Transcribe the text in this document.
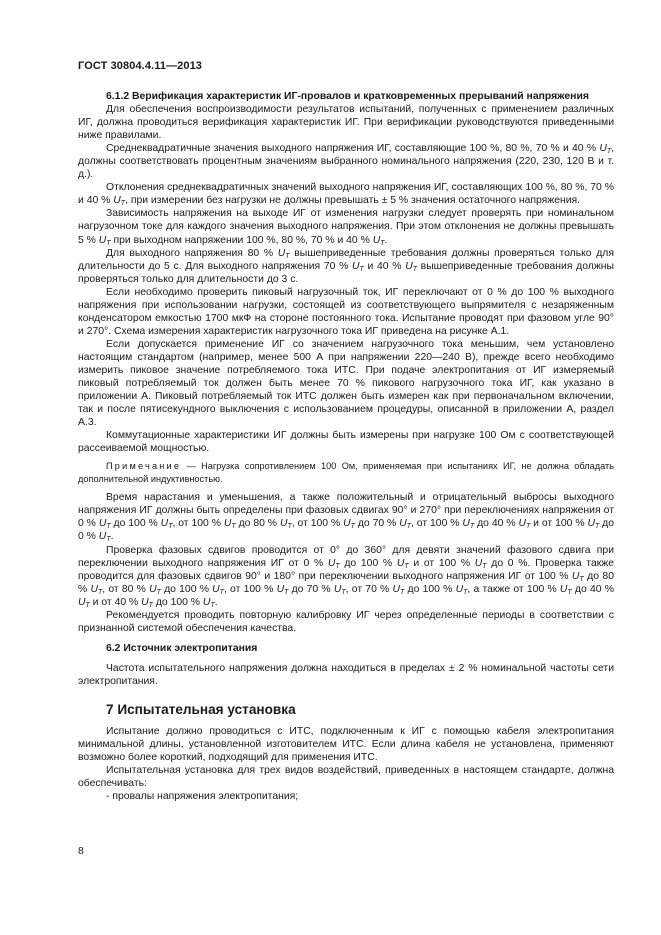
ГОСТ 30804.4.11—2013

6.1.2 Верификация характеристик ИГ-провалов и кратковременных прерываний напряжения

Для обеспечения воспроизводимости результатов испытаний, полученных с применением различных ИГ, должна проводиться верификация характеристик ИГ. При верификации руководствуются приведенными ниже правилами.

Среднеквадратичные значения выходного напряжения ИГ, составляющие 100 %, 80 %, 70 % и 40 % $U_T$, должны соответствовать процентным значениям выбранного номинального напряжения (220, 230, 120 В и т. д.).

Отклонения среднеквадратичных значений выходного напряжения ИГ, составляющих 100 %, 80 %, 70 % и 40 % $U_T$, при измерении без нагрузки не должны превышать ± 5 % значения остаточного напряжения.

Зависимость напряжения на выходе ИГ от изменения нагрузки следует проверять при номинальном нагрузочном токе для каждого значения выходного напряжения. При этом отклонения не должны превышать 5 % $U_T$ при выходном напряжении 100 %, 80 %, 70 % и 40 % $U_T$.

Для выходного напряжения 80 % $U_T$ вышеприведенные требования должны проверяться только для длительности до 5 с. Для выходного напряжения 70 % $U_T$ и 40 % $U_T$ вышеприведенные требования должны проверяться только для длительности до 3 с.

Если необходимо проверить пиковый нагрузочный ток, ИГ переключают от 0 % до 100 % выходного напряжения при использовании нагрузки, состоящей из соответствующего выпрямителя с незаряженным конденсатором емкостью 1700 мкФ на стороне постоянного тока. Испытание проводят при фазовом угле 90° и 270°. Схема измерения характеристик нагрузочного тока ИГ приведена на рисунке А.1.

Если допускается применение ИГ со значением нагрузочного тока меньшим, чем установлено настоящим стандартом (например, менее 500 А при напряжении 220—240 В), прежде всего необходимо измерить пиковое значение потребляемого тока ИТС. При подаче электропитания от ИГ измеряемый пиковый потребляемый ток должен быть менее 70 % пикового нагрузочного тока ИГ, как указано в приложении А. Пиковый потребляемый ток ИТС должен быть измерен как при первоначальном включении, так и после пятисекундного выключения с использованием процедуры, описанной в приложении А, раздел А.3.

Коммутационные характеристики ИГ должны быть измерены при нагрузке 100 Ом с соответствующей рассеиваемой мощностью.

Примечание — Нагрузка сопротивлением 100 Ом, применяемая при испытаниях ИГ, не должна обладать дополнительной индуктивностью.

Время нарастания и уменьшения, а также положительный и отрицательный выбросы выходного напряжения ИГ должны быть определены при фазовых сдвигах 90° и 270° при переключениях напряжения от 0 % $U_T$ до 100 % $U_T$, от 100 % $U_T$ до 80 % $U_T$, от 100 % $U_T$ до 70 % $U_T$, от 100 % $U_T$ до 40 % $U_T$ и от 100 % $U_T$ до 0 % $U_T$.

Проверка фазовых сдвигов проводится от 0° до 360° для девяти значений фазового сдвига при переключении выходного напряжения ИГ от 0 % $U_T$ до 100 % $U_T$ и от 100 % $U_T$ до 0 %. Проверка также проводится для фазовых сдвигов 90° и 180° при переключении выходного напряжения ИГ от 100 % $U_T$ до 80 % $U_T$, от 80 % $U_T$ до 100 % $U_T$, от 100 % $U_T$ до 70 % $U_T$, от 70 % $U_T$ до 100 % $U_T$, а также от 100 % $U_T$ до 40 % $U_T$ и от 40 % $U_T$ до 100 % $U_T$.

Рекомендуется проводить повторную калибровку ИГ через определенные периоды в соответствии с признанной системой обеспечения качества.

6.2 Источник электропитания

Частота испытательного напряжения должна находиться в пределах ± 2 % номинальной частоты сети электропитания.

7 Испытательная установка

Испытание должно проводиться с ИТС, подключенным к ИГ с помощью кабеля электропитания минимальной длины, установленной изготовителем ИТС. Если длина кабеля не установлена, применяют возможно более короткий, подходящий для применения ИТС.

Испытательная установка для трех видов воздействий, приведенных в настоящем стандарте, должна обеспечивать:

- провалы напряжения электропитания;

8
